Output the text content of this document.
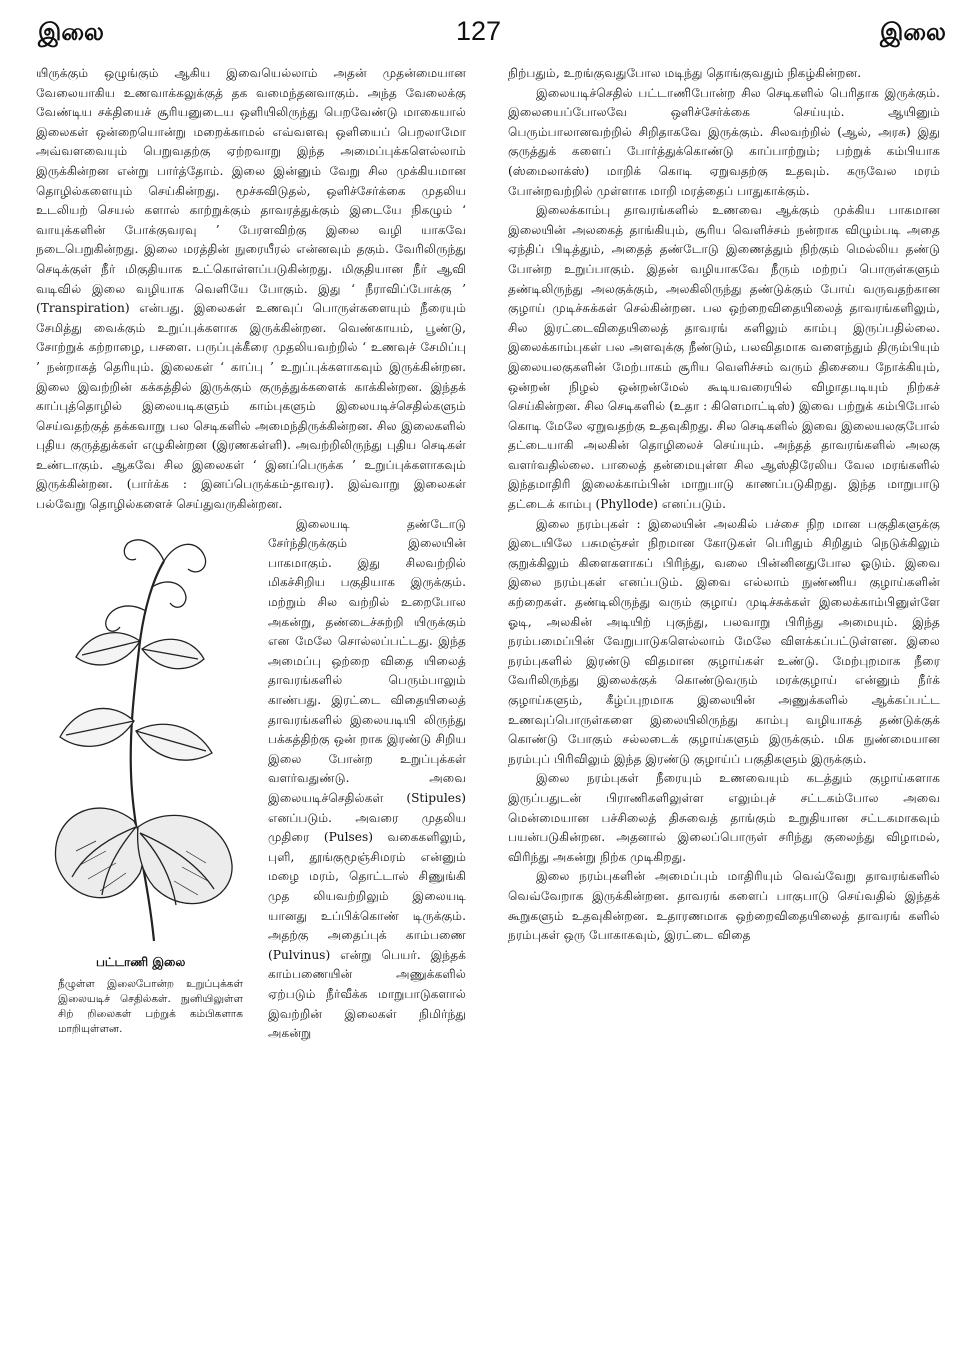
இலை	127	இலை

யிருக்கும் ஒழுங்கும் ஆகிய இவையெல்லாம் அதன் முதன்மையான வேலையாகிய உணவாக்கலுக்குத் தக வமைந்தனவாகும். அந்த வேலைக்கு வேண்டிய சக்தியைச் சூரியனுடைய ஒளியிலிருந்து பெறவேண்டு மாகையால் இலைகள் ஒன்றையொன்று மறைக்காமல் எவ்வளவு ஒளியைப் பெறலாமோ அவ்வளவையும் பெறுவதற்கு ஏற்றவாறு இந்த அமைப்புக்களெல்லாம் இருக்கின்றன என்று பார்த்தோம். இலை இன்னும் வேறு சில முக்கியமான தொழில்களையும் செய்கின்றது. மூச்சுவிடுதல், ஒளிச்சேர்க்கை முதலிய உடலியற் செயல் களால் காற்றுக்கும் தாவரத்துக்கும் இடையே நிகழும் ‘ வாயுக்களின் போக்குவரவு ’ பேரளவிற்கு இலை வழி யாகவே நடைபெறுகின்றது. இலை மரத்தின் நுரையீரல் என்னவும் தகும். வேரிலிருந்து செடிக்குள் நீர் மிகுதியாக உட்கொள்ளப்படுகின்றது. மிகுதியான நீர் ஆவி வடிவில் இலை வழியாக வெளியே போகும். இது ‘ நீராவிப்போக்கு ’ (Transpiration) என்பது. இலைகள் உணவுப் பொருள்களையும் நீரையும் சேமித்து வைக்கும் உறுப்புக்களாக இருக்கின்றன. வெண்காயம், பூண்டு, சோற்றுக் கற்றாழை, பசளை. பருப்புக்கீரை முதலியவற்றில் ‘ உணவுச் சேமிப்பு ’ நன்றாகத் தெரியும். இலைகள் ‘ காப்பு ’ உறுப்புக்களாகவும் இருக்கின்றன. இலை இவற்றின் கக்கத்தில் இருக்கும் குருத்துக்களைக் காக்கின்றன. இந்தக் காப்புத்தொழில் இலையடிகளும் காம்புகளும் இலையடிச்செதில்களும் செய்வதற்குத் தக்கவாறு பல செடிகளில் அமைந்திருக்கின்றன. சில இலைகளில் புதிய குருத்துக்கள் எழுகின்றன (இரணகள்ளி). அவற்றிலிருந்து புதிய செடிகள் உண்டாகும். ஆகவே சில இலைகள் ‘ இனப்பெருக்க ’ உறுப்புக்களாகவும் இருக்கின்றன. (பார்க்க : இனப்பெருக்கம்-தாவர). இவ்வாறு இலைகள் பல்வேறு தொழில்களைச் செய்துவருகின்றன.

பட்டாணி இலை
நீழுள்ள இலைபோன்ற உறுப்புக்கள் இலையடிச் செதில்கள். நுனியிலுள்ள சிற் றிலைகள் பற்றுக் கம்பிகளாக மாறியுள்ளன.

இலையடி தண்டோடு சேர்ந்திருக்கும் இலையின் பாகமாகும். இது சிலவற்றில் மிகச்சிறிய பகுதியாக இருக்கும். மற்றும் சில வற்றில் உறைபோல அகன்று, தண்டைச்சுற்றி யிருக்கும் என மேலே சொல்லப்பட்டது. இந்த அமைப்பு ஒற்றை விதை யிலைத் தாவரங்களில் பெரும்பாலும் காண்பது. இரட்டை விதையிலைத் தாவரங்களில் இலையடியி லிருந்து பக்கத்திற்கு ஒன் றாக இரண்டு சிறிய இலை போன்ற உறுப்புக்கள் வளர்வதுண்டு. அவை இலையடிச்செதில்கள் (Stipules) எனப்படும். அவரை முதலிய முதிரை (Pulses) வகைகளிலும், புளி, தூங்குமூஞ்சிமரம் என்னும் மழை மரம், தொட்டால் சிணுங்கி முத லியவற்றிலும் இலையடி யானது உப்பிக்கொண் டிருக்கும். அதற்கு அதைப்புக் காம்பணை (Pulvinus) என்று பெயர். இந்தக் காம்பணையின் அணுக்களில் ஏற்படும் நீர்வீக்க மாறுபாடுகளால் இவற்றின் இலைகள் நிமிர்ந்து அகன்று

நிற்பதும், உறங்குவதுபோல மடிந்து தொங்குவதும் நிகழ்கின்றன.

இலையடிச்செதில் பட்டாணிபோன்ற சில செடிகளில் பெரிதாக இருக்கும். இலையைப்போலவே ஒளிச்சேர்க்கை செய்யும். ஆயினும் பெரும்பாலானவற்றில் சிறிதாகவே இருக்கும். சிலவற்றில் (ஆல், அரசு) இது குருத்துக் களைப் போர்த்துக்கொண்டு காப்பாற்றும்; பற்றுக் கம்பியாக (ஸ்மைலாக்ஸ்) மாறிக் கொடி ஏறுவதற்கு உதவும். கருவேல மரம் போன்றவற்றில் முள்ளாக மாறி மரத்தைப் பாதுகாக்கும்.

இலைக்காம்பு தாவரங்களில் உணவை ஆக்கும் முக்கிய பாகமான இலையின் அலகைத் தாங்கியும், சூரிய வெளிச்சம் நன்றாக விழும்படி அதை ஏந்திப் பிடித்தும், அதைத் தண்டோடு இணைத்தும் நிற்கும் மெல்லிய தண்டு போன்ற உறுப்பாகும். இதன் வழியாகவே நீரும் மற்றப் பொருள்களும் தண்டிலிருந்து அலகுக்கும், அலகிலிருந்து தண்டுக்கும் போய் வருவதற்கான குழாய் முடிச்சுக்கள் செல்கின்றன. பல ஒற்றைவிதையிலைத் தாவரங்களிலும், சில இரட்டைவிதையிலைத் தாவரங் களிலும் காம்பு இருப்பதில்லை. இலைக்காம்புகள் பல அளவுக்கு நீண்டும், பலவிதமாக வளைந்தும் திரும்பியும் இலையலகுகளின் மேற்பாகம் சூரிய வெளிச்சம் வரும் திசையை நோக்கியும், ஒன்றன் நிழல் ஒன்றன்மேல் கூடியவரையில் விழாதபடியும் நிற்கச் செய்கின்றன. சில செடிகளில் (உதா : கிளெமாட்டிஸ்) இவை பற்றுக் கம்பிபோல் கொடி மேலே ஏறுவதற்கு உதவுகிறது. சில செடிகளில் இவை இலையலகுபோல் தட்டையாகி அலகின் தொழிலைச் செய்யும். அந்தத் தாவரங்களில் அலகு வளர்வதில்லை. பாலைத் தன்மையுள்ள சில ஆஸ்திரேலிய வேல மரங்களில் இந்தமாதிரி இலைக்காம்பின் மாறுபாடு காணப்படுகிறது. இந்த மாறுபாடு தட்டைக் காம்பு (Phyllode) எனப்படும்.

இலை நரம்புகள் : இலையின் அலகில் பச்சை நிற மான பகுதிகளுக்கு இடையிலே பசுமஞ்சள் நிறமான கோடுகள் பெரிதும் சிறிதும் நெடுக்கிலும் குறுக்கிலும் கிளைகளாகப் பிரிந்து, வலை பின்னினதுபோல ஓடும். இவை இலை நரம்புகள் எனப்படும். இவை எல்லாம் நுண்ணிய குழாய்களின் கற்றைகள். தண்டிலிருந்து வரும் குழாய் முடிச்சுக்கள் இலைக்காம்பினுள்ளே ஓடி, அலகின் அடியிற் புகுந்து, பலவாறு பிரிந்து அமையும். இந்த நரம்பமைப்பின் வேறுபாடுகளெல்லாம் மேலே விளக்கப்பட்டுள்ளன. இலை நரம்புகளில் இரண்டு விதமான குழாய்கள் உண்டு. மேற்புறமாக நீரை வேரிலிருந்து இலைக்குக் கொண்டுவரும் மரக்குழாய் என்னும் நீர்க் குழாய்களும், கீழ்ப்புறமாக இலையின் அணுக்களில் ஆக்கப்பட்ட உணவுப்பொருள்களை இலையிலிருந்து காம்பு வழியாகத் தண்டுக்குக் கொண்டு போகும் சல்லடைக் குழாய்களும் இருக்கும். மிக நுண்மையான நரம்புப் பிரிவிலும் இந்த இரண்டு குழாய்ப் பகுதிகளும் இருக்கும்.

இலை நரம்புகள் நீரையும் உணவையும் கடத்தும் குழாய்களாக இருப்பதுடன் பிராணிகளிலுள்ள எலும்புச் சட்டகம்போல அவை மென்மையான பச்சிலைத் திசுவைத் தாங்கும் உறுதியான சட்டகமாகவும் பயன்படுகின்றன. அதனால் இலைப்பொருள் சரிந்து குலைந்து விழாமல், விரிந்து அகன்று நிற்க முடிகிறது.

இலை நரம்புகளின் அமைப்பும் மாதிரியும் வெவ்வேறு தாவரங்களில் வெவ்வேறாக இருக்கின்றன. தாவரங் களைப் பாகுபாடு செய்வதில் இந்தக் கூறுகளும் உதவுகின்றன. உதாரணமாக ஒற்றைவிதையிலைத் தாவரங் களில் நரம்புகள் ஒரு போகாகவும், இரட்டை விதை
